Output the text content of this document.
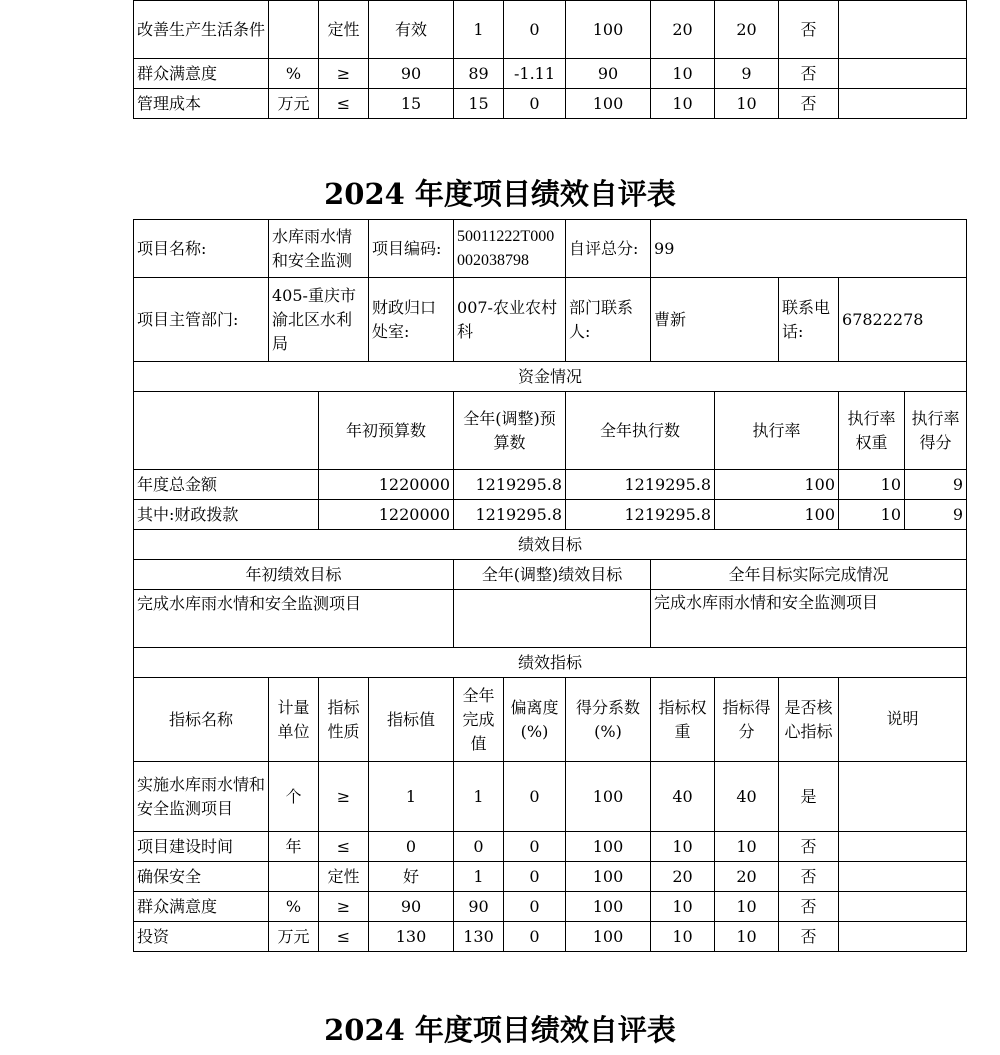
改善生产生活条件		定性	有效	1	0	100	20	20	否	
群众满意度	%	≥	90	89	-1.11	90	10	9	否	
管理成本	万元	≤	15	15	0	100	10	10	否	
2024 年度项目绩效自评表
项目名称:	水库雨水情和安全监测		项目编码:	50011222T000002038798		自评总分:	99				
项目主管部门:	405-重庆市渝北区水利局		财政归口处室:	007-农业农村科		部门联系人:	曹新		联系电话:	67822278	
资金情况											
		年初预算数		全年(调整)预算数		全年执行数		执行率		执行率权重	执行率得分
年度总金额		1220000		1219295.8		1219295.8		100		10	9
其中:财政拨款		1220000		1219295.8		1219295.8		100		10	9
绩效目标											
年初绩效目标				全年(调整)绩效目标			全年目标实际完成情况				
完成水库雨水情和安全监测项目							完成水库雨水情和安全监测项目				
绩效指标											
指标名称	计量单位	指标性质	指标值	全年完成值	偏离度(%)	得分系数(%)	指标权重	指标得分	是否核心指标	说明	
实施水库雨水情和安全监测项目	个	≥	1	1	0	100	40	40	是		
项目建设时间	年	≤	0	0	0	100	10	10	否		
确保安全		定性	好	1	0	100	20	20	否		
群众满意度	%	≥	90	90	0	100	10	10	否		
投资	万元	≤	130	130	0	100	10	10	否		
2024 年度项目绩效自评表
